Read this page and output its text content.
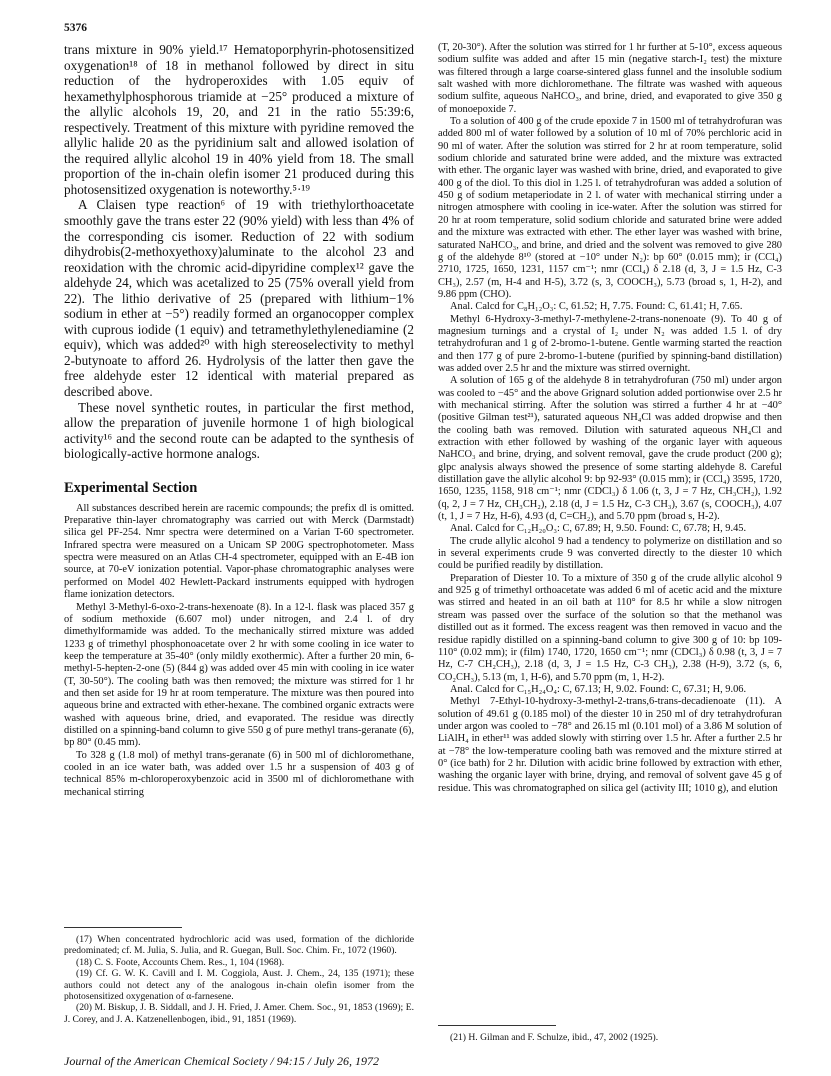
5376

trans mixture in 90% yield.¹⁷ Hematoporphyrin-photosensitized oxygenation¹⁸ of 18 in methanol followed by direct in situ reduction of the hydroperoxides with 1.05 equiv of hexamethylphosphorous triamide at −25° produced a mixture of the allylic alcohols 19, 20, and 21 in the ratio 55:39:6, respectively. Treatment of this mixture with pyridine removed the allylic halide 20 as the pyridinium salt and allowed isolation of the required allylic alcohol 19 in 40% yield from 18. The small proportion of the in-chain olefin isomer 21 produced during this photosensitized oxygenation is noteworthy.⁵·¹⁹

A Claisen type reaction⁶ of 19 with triethylorthoacetate smoothly gave the trans ester 22 (90% yield) with less than 4% of the corresponding cis isomer. Reduction of 22 with sodium dihydrobis(2-methoxyethoxy)aluminate to the alcohol 23 and reoxidation with the chromic acid-dipyridine complex¹² gave the aldehyde 24, which was acetalized to 25 (75% overall yield from 22). The lithio derivative of 25 (prepared with lithium−1% sodium in ether at −5°) readily formed an organocopper complex with cuprous iodide (1 equiv) and tetramethylethylenediamine (2 equiv), which was added²⁰ with high stereoselectivity to methyl 2-butynoate to afford 26. Hydrolysis of the latter then gave the free aldehyde ester 12 identical with material prepared as described above.

These novel synthetic routes, in particular the first method, allow the preparation of juvenile hormone 1 of high biological activity¹⁶ and the second route can be adapted to the synthesis of biologically-active hormone analogs.

Experimental Section

All substances described herein are racemic compounds; the prefix dl is omitted. Preparative thin-layer chromatography was carried out with Merck (Darmstadt) silica gel PF-254. Nmr spectra were determined on a Varian T-60 spectrometer. Infrared spectra were measured on a Unicam SP 200G spectrophotometer. Mass spectra were measured on an Atlas CH-4 spectrometer, equipped with an E-4B ion source, at 70-eV ionization potential. Vapor-phase chromatographic analyses were performed on Model 402 Hewlett-Packard instruments equipped with hydrogen flame ionization detectors.

Methyl 3-Methyl-6-oxo-2-trans-hexenoate (8). In a 12-l. flask was placed 357 g of sodium methoxide (6.607 mol) under nitrogen, and 2.4 l. of dry dimethylformamide was added. To the mechanically stirred mixture was added 1233 g of trimethyl phosphonoacetate over 2 hr with some cooling in ice water to keep the temperature at 35-40° (only mildly exothermic). After a further 20 min, 6-methyl-5-hepten-2-one (5) (844 g) was added over 45 min with cooling in ice water (T, 30-50°). The cooling bath was then removed; the mixture was stirred for 1 hr and then set aside for 19 hr at room temperature. The mixture was then poured into aqueous brine and extracted with ether-hexane. The combined organic extracts were washed with aqueous brine, dried, and evaporated. The residue was directly distilled on a spinning-band column to give 550 g of pure methyl trans-geranate (6), bp 80° (0.45 mm).

To 328 g (1.8 mol) of methyl trans-geranate (6) in 500 ml of dichloromethane, cooled in an ice water bath, was added over 1.5 hr a suspension of 403 g of technical 85% m-chloroperoxybenzoic acid in 3500 ml of dichloromethane with mechanical stirring

(17) When concentrated hydrochloric acid was used, formation of the dichloride predominated; cf. M. Julia, S. Julia, and R. Guegan, Bull. Soc. Chim. Fr., 1072 (1960).

(18) C. S. Foote, Accounts Chem. Res., 1, 104 (1968).

(19) Cf. G. W. K. Cavill and I. M. Coggiola, Aust. J. Chem., 24, 135 (1971); these authors could not detect any of the analogous in-chain olefin isomer from the photosensitized oxygenation of α-farnesene.

(20) M. Biskup, J. B. Siddall, and J. H. Fried, J. Amer. Chem. Soc., 91, 1853 (1969); E. J. Corey, and J. A. Katzenellenbogen, ibid., 91, 1851 (1969).

(T, 20-30°). After the solution was stirred for 1 hr further at 5-10°, excess aqueous sodium sulfite was added and after 15 min (negative starch-I₂ test) the mixture was filtered through a large coarse-sintered glass funnel and the insoluble sodium salt washed with more dichloromethane. The filtrate was washed with aqueous sodium sulfite, aqueous NaHCO₃, and brine, dried, and evaporated to give 350 g of monoepoxide 7.

To a solution of 400 g of the crude epoxide 7 in 1500 ml of tetrahydrofuran was added 800 ml of water followed by a solution of 10 ml of 70% perchloric acid in 90 ml of water. After the solution was stirred for 2 hr at room temperature, solid sodium chloride and saturated brine were added, and the mixture was extracted with ether. The organic layer was washed with brine, dried, and evaporated to give 400 g of the diol. To this diol in 1.25 l. of tetrahydrofuran was added a solution of 450 g of sodium metaperiodate in 2 l. of water with mechanical stirring under a nitrogen atmosphere with cooling in ice-water. After the solution was stirred for 20 hr at room temperature, solid sodium chloride and saturated brine were added and the mixture was extracted with ether. The ether layer was washed with brine, saturated NaHCO₃, and brine, and dried and the solvent was removed to give 280 g of the aldehyde 8¹⁰ (stored at −10° under N₂): bp 60° (0.015 mm); ir (CCl₄) 2710, 1725, 1650, 1231, 1157 cm⁻¹; nmr (CCl₄) δ 2.18 (d, 3, J = 1.5 Hz, C-3 CH₃), 2.57 (m, H-4 and H-5), 3.72 (s, 3, COOCH₃), 5.73 (broad s, 1, H-2), and 9.86 ppm (CHO).

Anal. Calcd for C₈H₁₂O₃: C, 61.52; H, 7.75. Found: C, 61.41; H, 7.65.

Methyl 6-Hydroxy-3-methyl-7-methylene-2-trans-nonenoate (9). To 40 g of magnesium turnings and a crystal of I₂ under N₂ was added 1.5 l. of dry tetrahydrofuran and 1 g of 2-bromo-1-butene. Gentle warming started the reaction and then 177 g of pure 2-bromo-1-butene (purified by spinning-band distillation) was added over 2.5 hr and the mixture was stirred overnight.

A solution of 165 g of the aldehyde 8 in tetrahydrofuran (750 ml) under argon was cooled to −45° and the above Grignard solution added portionwise over 2.5 hr with mechanical stirring. After the solution was stirred a further 4 hr at −40° (positive Gilman test²¹), saturated aqueous NH₄Cl was added dropwise and then the cooling bath was removed. Dilution with saturated aqueous NH₄Cl and extraction with ether followed by washing of the organic layer with aqueous NaHCO₃ and brine, drying, and solvent removal, gave the crude product (200 g); glpc analysis always showed the presence of some starting aldehyde 8. Careful distillation gave the allylic alcohol 9: bp 92-93° (0.015 mm); ir (CCl₄) 3595, 1720, 1650, 1235, 1158, 918 cm⁻¹; nmr (CDCl₃) δ 1.06 (t, 3, J = 7 Hz, CH₃CH₂), 1.92 (q, 2, J = 7 Hz, CH₃CH₂), 2.18 (d, J = 1.5 Hz, C-3 CH₃), 3.67 (s, COOCH₃), 4.07 (t, 1, J = 7 Hz, H-6), 4.93 (d, C=CH₂), and 5.70 ppm (broad s, H-2).

Anal. Calcd for C₁₂H₂₀O₃: C, 67.89; H, 9.50. Found: C, 67.78; H, 9.45.

The crude allylic alcohol 9 had a tendency to polymerize on distillation and so in several experiments crude 9 was converted directly to the diester 10 which could be purified readily by distillation.

Preparation of Diester 10. To a mixture of 350 g of the crude allylic alcohol 9 and 925 g of trimethyl orthoacetate was added 6 ml of acetic acid and the mixture was stirred and heated in an oil bath at 110° for 8.5 hr while a slow nitrogen stream was passed over the surface of the solution so that the methanol was distilled out as it formed. The excess reagent was then removed in vacuo and the residue rapidly distilled on a spinning-band column to give 300 g of 10: bp 109-110° (0.02 mm); ir (film) 1740, 1720, 1650 cm⁻¹; nmr (CDCl₃) δ 0.98 (t, 3, J = 7 Hz, C-7 CH₂CH₃), 2.18 (d, 3, J = 1.5 Hz, C-3 CH₃), 2.38 (H-9), 3.72 (s, 6, CO₂CH₃), 5.13 (m, 1, H-6), and 5.70 ppm (m, 1, H-2).

Anal. Calcd for C₁₅H₂₄O₄: C, 67.13; H, 9.02. Found: C, 67.31; H, 9.06.

Methyl 7-Ethyl-10-hydroxy-3-methyl-2-trans,6-trans-decadienoate (11). A solution of 49.61 g (0.185 mol) of the diester 10 in 250 ml of dry tetrahydrofuran under argon was cooled to −78° and 26.15 ml (0.101 mol) of a 3.86 M solution of LiAlH₄ in ether¹¹ was added slowly with stirring over 1.5 hr. After a further 2.5 hr at −78° the low-temperature cooling bath was removed and the mixture stirred at 0° (ice bath) for 2 hr. Dilution with acidic brine followed by extraction with ether, washing the organic layer with brine, drying, and removal of solvent gave 45 g of residue. This was chromatographed on silica gel (activity III; 1010 g), and elution

(21) H. Gilman and F. Schulze, ibid., 47, 2002 (1925).

Journal of the American Chemical Society / 94:15 / July 26, 1972
